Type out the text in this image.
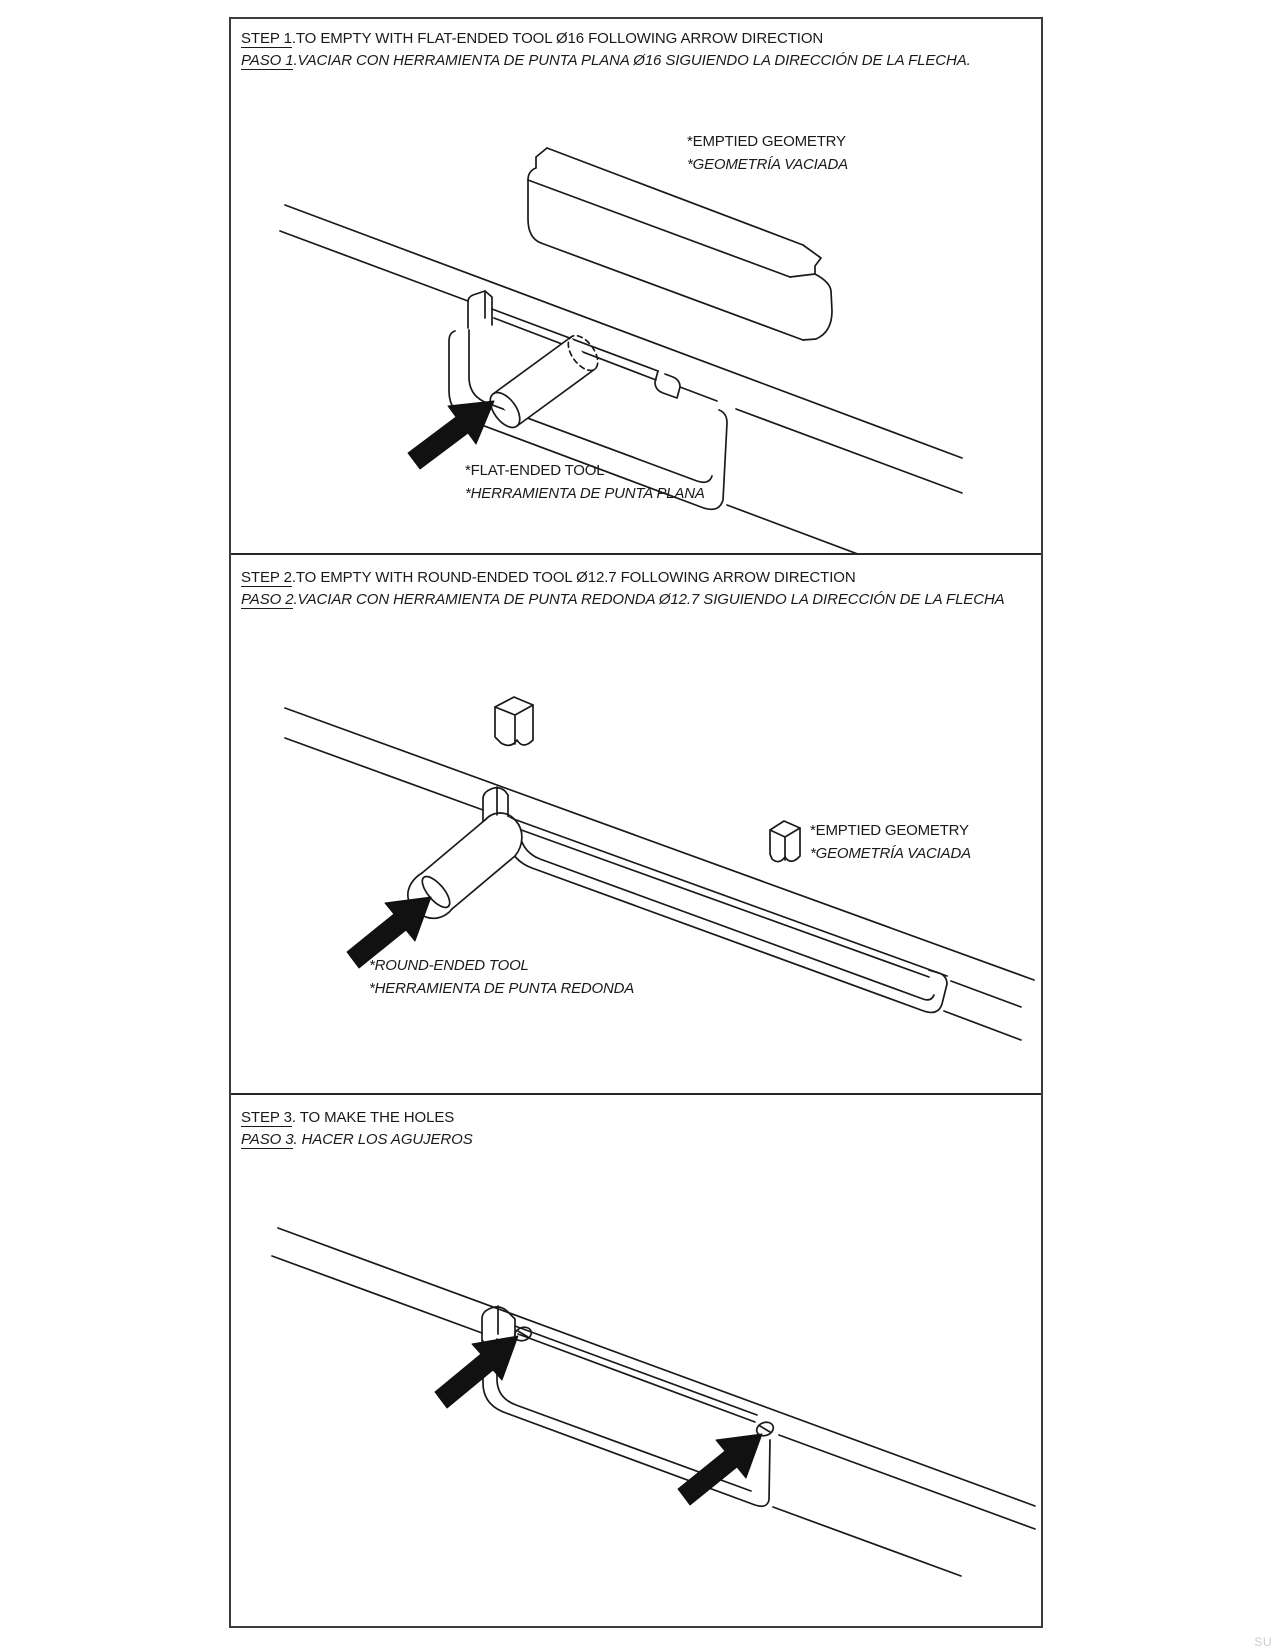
STEP 1.TO EMPTY WITH FLAT-ENDED TOOL Ø16 FOLLOWING ARROW DIRECTION
PASO 1.VACIAR CON HERRAMIENTA DE PUNTA PLANA Ø16 SIGUIENDO LA DIRECCIÓN DE LA FLECHA.
*EMPTIED GEOMETRY
*GEOMETRÍA VACIADA
*FLAT-ENDED TOOL
*HERRAMIENTA DE PUNTA PLANA
STEP 2.TO EMPTY WITH ROUND-ENDED TOOL Ø12.7 FOLLOWING ARROW DIRECTION
PASO 2.VACIAR CON HERRAMIENTA DE PUNTA REDONDA Ø12.7 SIGUIENDO LA DIRECCIÓN DE LA FLECHA
*EMPTIED GEOMETRY
*GEOMETRÍA VACIADA
*ROUND-ENDED TOOL
*HERRAMIENTA DE PUNTA REDONDA
STEP 3. TO MAKE THE HOLES
PASO 3. HACER LOS AGUJEROS
SU
